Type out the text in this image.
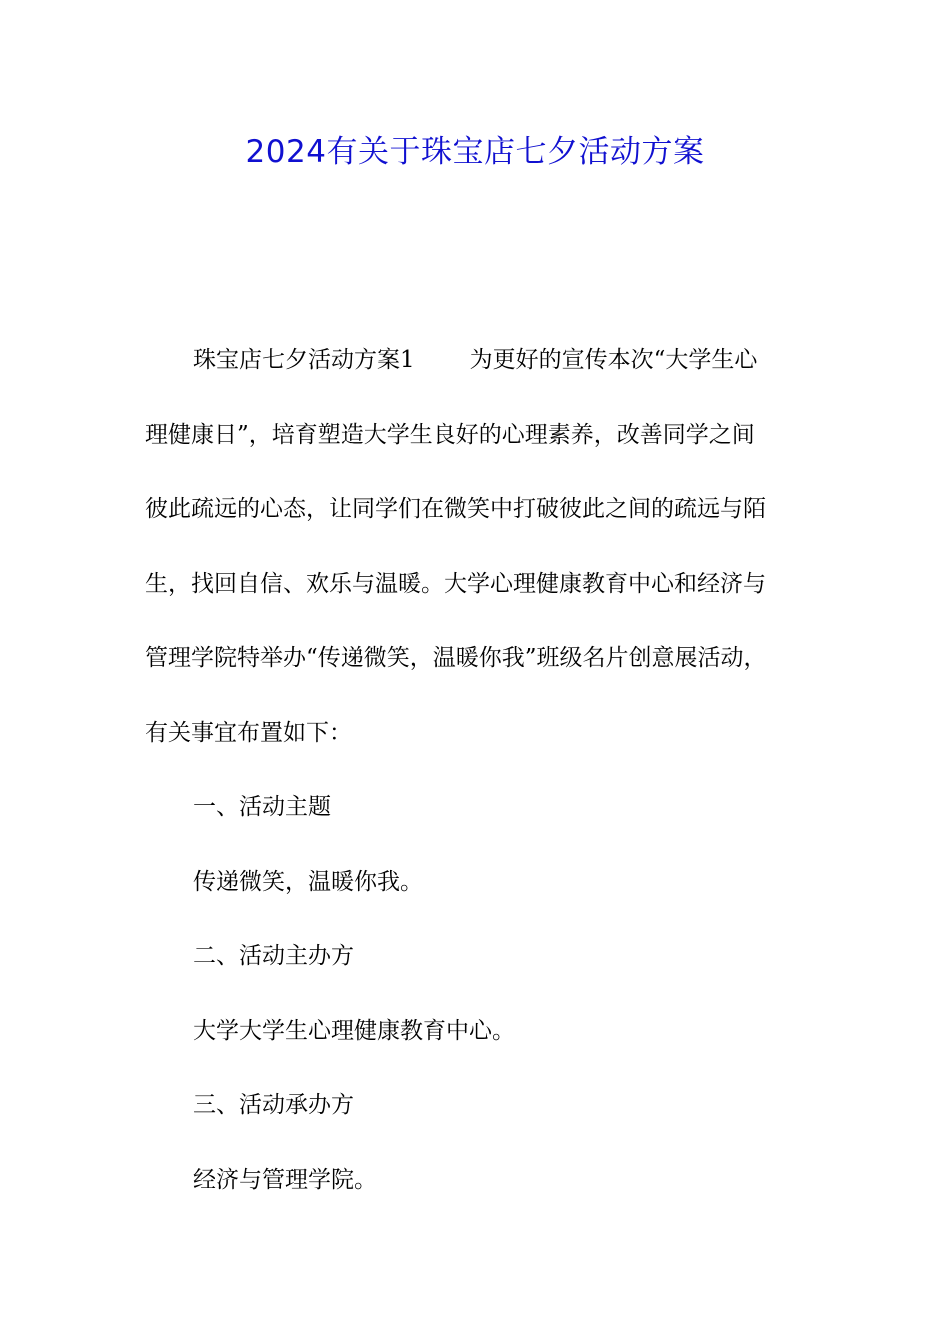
2024有关于珠宝店七夕活动方案
珠宝店七夕活动方案1 为更好的宣传本次“大学生心
理健康日”，培育塑造大学生良好的心理素养，改善同学之间
彼此疏远的心态，让同学们在微笑中打破彼此之间的疏远与陌
生，找回自信、欢乐与温暖。大学心理健康教育中心和经济与
管理学院特举办“传递微笑，温暖你我”班级名片创意展活动，
有关事宜布置如下：
一、活动主题
传递微笑，温暖你我。
二、活动主办方
大学大学生心理健康教育中心。
三、活动承办方
经济与管理学院。
